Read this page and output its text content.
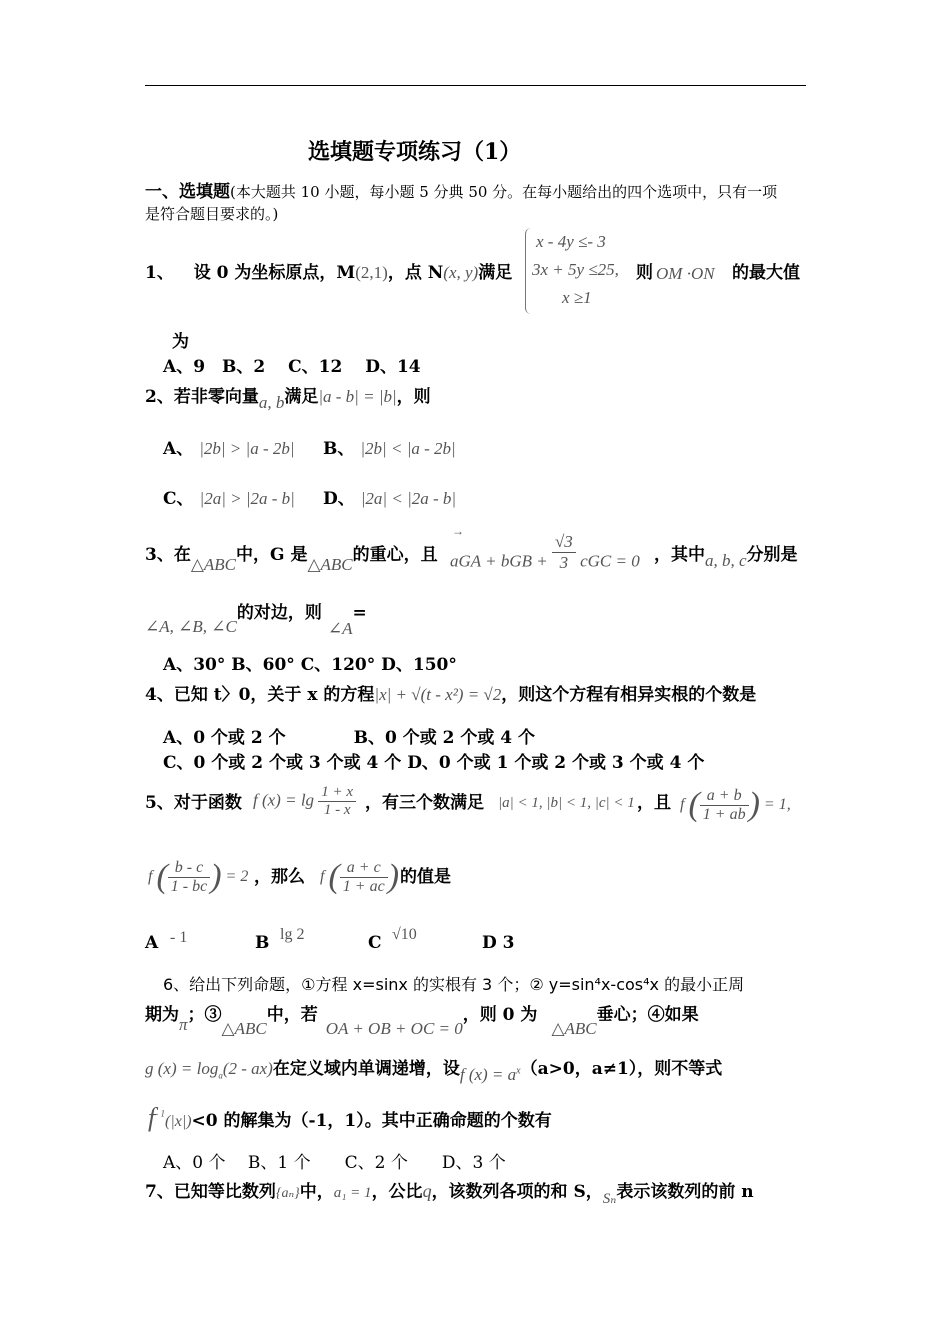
选填题专项练习（1）
一、选填题(本大题共 10 小题，每小题 5 分典 50 分。在每小题给出的四个选项中，只有一项
是符合题目要求的。)
1、 设 0 为坐标原点，M(2,1)，点 N(x, y)满足
x - 4y ≤- 3
3x + 5y ≤25,
x ≥1
则 OM ·ON 的最大值
为
A、9　B、2　 C、12　 D、14
2、若非零向量a, b满足|a - b| = |b|，则
A、 |2b| > |a - 2b| B、 |2b| < |a - 2b|
C、 |2a| > |2a - b| D、 |2a| < |2a - b|
3、在△ABC中，G 是△ABC的重心，且
→
aGA + bGB + $\frac{√3}{3}$ cGC = 0 ，其中a, b, c分别是
∠A, ∠B, ∠C的对边，则∠A=
A、30° B、60° C、120° D、150°
4、已知 t〉0，关于 x 的方程|x| + √(t - x²) = √2，则这个方程有相异实根的个数是
A、0 个或 2 个　　　　B、0 个或 2 个或 4 个
C、0 个或 2 个或 3 个或 4 个 D、0 个或 1 个或 2 个或 3 个或 4 个
5、对于函数 f $(x) = \lg \frac{1 + x}{1 - x}$ ，有三个数满足 |a| < 1, |b| < 1, |c| < 1 ，且 f ( $\frac{a + b}{1 + ab}$ ) = 1,
f ( $\frac{b - c}{1 - bc}$ ) = 2 ，那么 f ( $\frac{a + c}{1 + ac}$ ) 的值是
A - 1	B lg 2	C √10	D 3
6、给出下列命题，①方程 x=sinx 的实根有 3 个；② y=sin⁴x-cos⁴x 的最小正周
期为π；③△ABC中，若OA + OB + OC = 0，则 0 为△ABC垂心；④如果
g $(x) = \log_a(2 - ax)$在定义域内单调递增，设f $(x) = a^x(a>0$，a≠1），则不等式
$f^{- 1}(|x|)<0$ 的解集为（-1，1）。其中正确命题的个数有
A、0 个　 B、1 个　　C、2 个　　D、3 个
7、已知等比数列{aₙ}中，a₁ = 1，公比q，该数列各项的和 S，Sₙ表示该数列的前 n
